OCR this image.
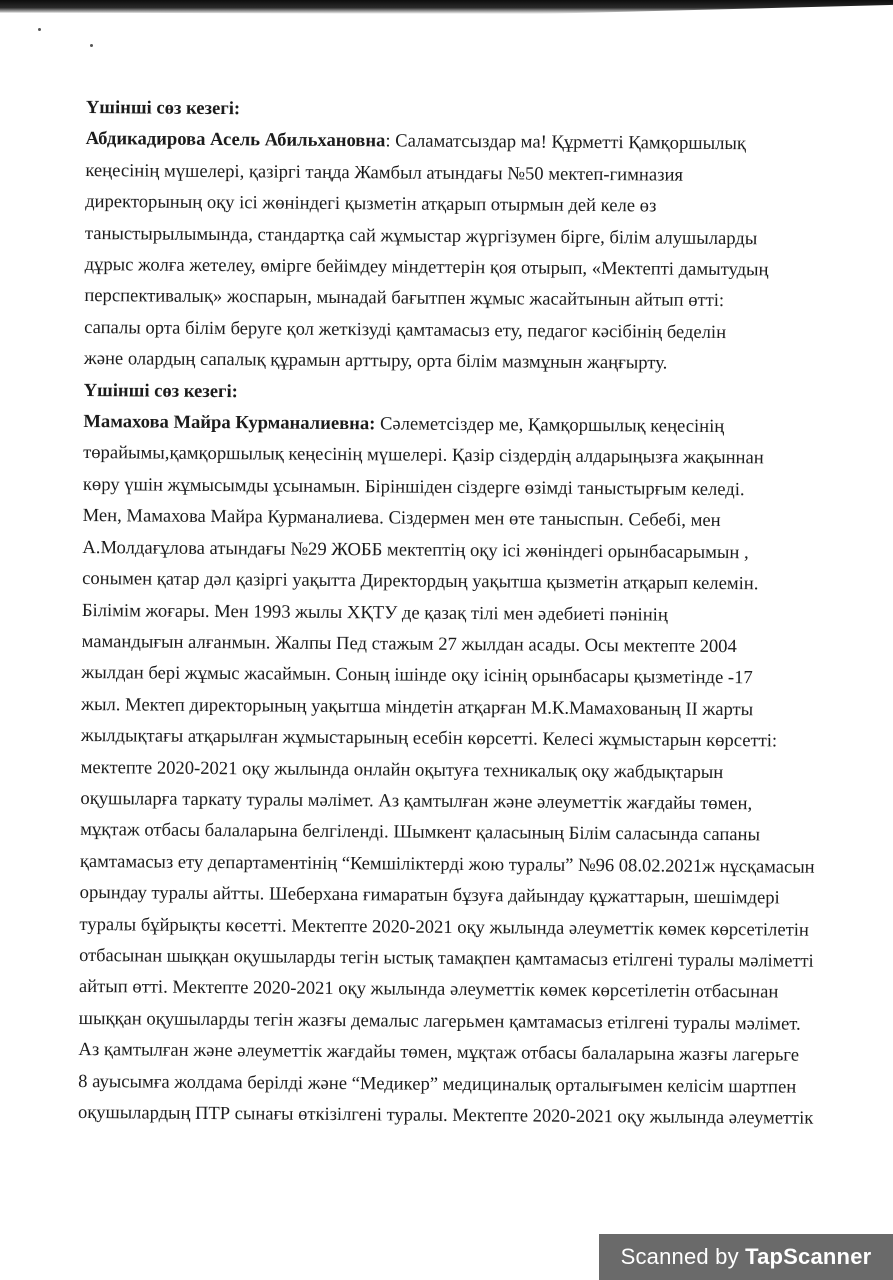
Үшінші сөз кезегі:
Абдикадирова Асель Абильхановна: Саламатсыздар ма! Құрметті Қамқоршылық
кеңесінің мүшелері, қазіргі таңда Жамбыл атындағы №50 мектеп-гимназия
директорының оқу ісі жөніндегі қызметін атқарып отырмын дей келе өз
таныстырылымында, стандартқа сай жұмыстар жүргізумен бірге, білім алушыларды
дұрыс жолға жетелеу, өмірге бейімдеу міндеттерін қоя отырып, «Мектепті дамытудың
перспективалық» жоспарын, мынадай бағытпен жұмыс жасайтынын айтып өтті:
сапалы орта білім беруге қол жеткізуді қамтамасыз ету, педагог кәсібінің беделін
және олардың сапалық құрамын арттыру, орта білім мазмұнын жаңғырту.
Үшінші сөз кезегі:
Мамахова Майра Курманалиевна: Сәлеметсіздер ме, Қамқоршылық кеңесінің
төрайымы,қамқоршылық кеңесінің мүшелері. Қазір сіздердің алдарыңызға жақыннан
көру үшін жұмысымды ұсынамын. Біріншіден сіздерге өзімді таныстырғым келеді.
Мен, Мамахова Майра Курманалиева. Сіздермен мен өте таныспын. Себебі, мен
А.Молдағұлова атындағы №29 ЖОББ мектептің оқу ісі жөніндегі орынбасарымын ,
сонымен қатар дәл қазіргі уақытта Директордың уақытша қызметін атқарып келемін.
Білімім жоғары. Мен 1993 жылы ХҚТУ де қазақ тілі мен әдебиеті пәнінің
мамандығын алғанмын. Жалпы Пед стажым 27 жылдан асады. Осы мектепте 2004
жылдан бері жұмыс жасаймын. Соның ішінде оқу ісінің орынбасары қызметінде -17
жыл. Мектеп директорының уақытша міндетін атқарған М.К.Мамахованың ІІ жарты
жылдықтағы атқарылған жұмыстарының есебін көрсетті. Келесі жұмыстарын көрсетті:
мектепте 2020-2021 оқу жылында онлайн оқытуға техникалық оқу жабдықтарын
оқушыларға таркату туралы мәлімет. Аз қамтылған және әлеуметтік жағдайы төмен,
мұқтаж отбасы балаларына белгіленді. Шымкент қаласының Білім саласында сапаны
қамтамасыз ету департаментінің “Кемшіліктерді жою туралы” №96 08.02.2021ж нұсқамасын
орындау туралы айтты. Шеберхана ғимаратын бұзуға дайындау құжаттарын, шешімдері
туралы бұйрықты көсетті. Мектепте 2020-2021 оқу жылында әлеуметтік көмек көрсетілетін
отбасынан шыққан оқушыларды тегін ыстық тамақпен қамтамасыз етілгені туралы мәліметті
айтып өтті. Мектепте 2020-2021 оқу жылында әлеуметтік көмек көрсетілетін отбасынан
шыққан оқушыларды тегін жазғы демалыс лагерьмен қамтамасыз етілгені туралы мәлімет.
Аз қамтылған және әлеуметтік жағдайы төмен, мұқтаж отбасы балаларына жазғы лагерьге
8 ауысымға жолдама берілді және “Медикер” медициналық орталығымен келісім шартпен
оқушылардың ПТР сынағы өткізілгені туралы. Мектепте 2020-2021 оқу жылында әлеуметтік
Scanned by TapScanner
